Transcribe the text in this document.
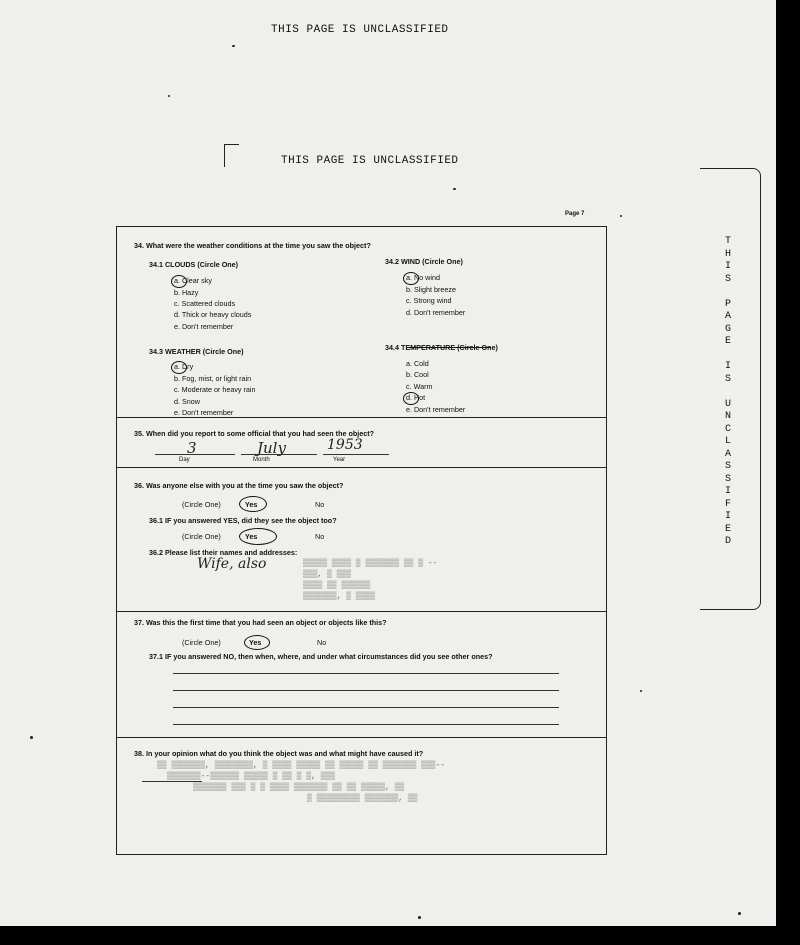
THIS PAGE IS UNCLASSIFIED
THIS PAGE IS UNCLASSIFIED
Page 7
T
H
I
S

P
A
G
E

I
S

U
N
C
L
A
S
S
I
F
I
E
D
34. What were the weather conditions at the time you saw the object?
34.1 CLOUDS (Circle One)
a. Clear sky
b. Hazy
c. Scattered clouds
d. Thick or heavy clouds
e. Don't remember
34.2 WIND (Circle One)
a. No wind
b. Slight breeze
c. Strong wind
d. Don't remember
34.3 WEATHER (Circle One)
a. Dry
b. Fog, mist, or light rain
c. Moderate or heavy rain
d. Snow
e. Don't remember
34.4 TEMPERATURE (Circle One)
a. Cold
b. Cool
c. Warm
d. Hot
e. Don't remember
35. When did you report to some official that you had seen the object?
3	July	1953
Day	Month	Year
36. Was anyone else with you at the time you saw the object?
(Circle One)	Yes	No
36.1 IF you answered YES, did they see the object too?
(Circle One)	Yes	No
36.2 Please list their names and addresses:
Wife, also	▒▒▒▒▒ ▒▒▒▒ ▒ ▒▒▒▒▒▒▒ ▒▒ ▒ --
▒▒▒, ▒ ▒▒▒
▒▒▒▒ ▒▒ ▒▒▒▒▒▒
▒▒▒▒▒▒▒, ▒ ▒▒▒▒
37. Was this the first time that you had seen an object or objects like this?
(Circle One)	Yes	No
37.1 IF you answered NO, then when, where, and under what circumstances did you see other ones?
38. In your opinion what do you think the object was and what might have caused it?
▒▒ ▒▒▒▒▒▒▒, ▒▒▒▒▒▒▒▒, ▒ ▒▒▒▒ ▒▒▒▒▒ ▒▒ ▒▒▒▒▒ ▒▒ ▒▒▒▒▒▒▒ ▒▒▒--
▒▒▒▒▒▒▒--▒▒▒▒▒▒ ▒▒▒▒▒ ▒ ▒▒ ▒ ▒, ▒▒▒
▒▒▒▒▒▒▒ ▒▒▒ ▒ ▒ ▒▒▒▒ ▒▒▒▒▒▒▒ ▒▒ ▒▒ ▒▒▒▒▒, ▒▒
▒ ▒▒▒▒▒▒▒▒▒ ▒▒▒▒▒▒▒, ▒▒
